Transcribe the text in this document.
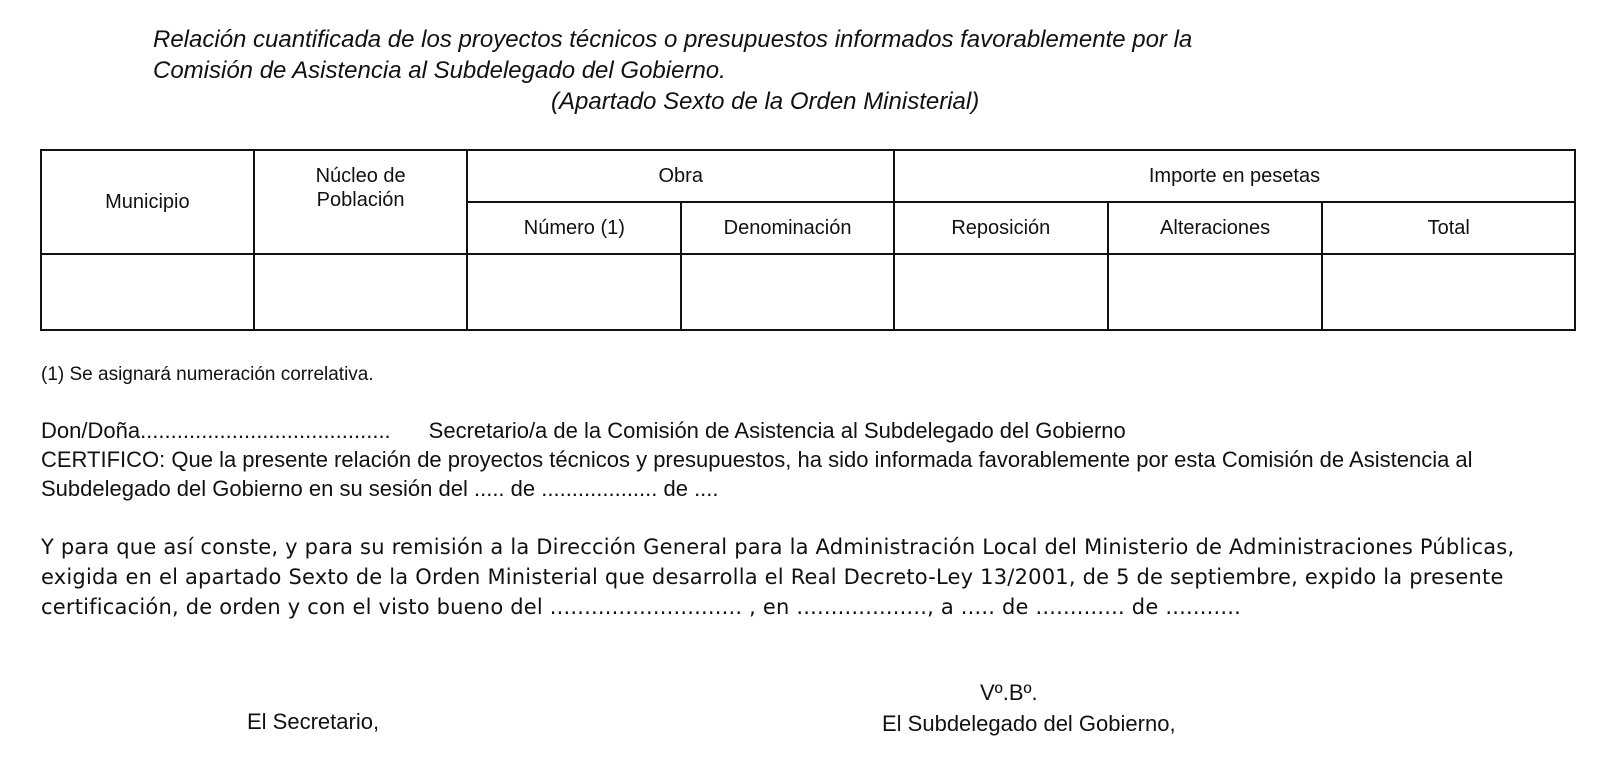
Relación cuantificada de los proyectos técnicos o presupuestos informados favorablemente por la
Comisión de Asistencia al Subdelegado del Gobierno.
(Apartado Sexto de la Orden Ministerial)
Municipio	Núcleo de Población	Obra		Importe en pesetas		
		Número (1)	Denominación	Reposición	Alteraciones	Total

(1) Se asignará numeración correlativa.

Don/Doña......................................... Secretario/a de la Comisión de Asistencia al Subdelegado del Gobierno
CERTIFICO: Que la presente relación de proyectos técnicos y presupuestos, ha sido informada favorablemente por esta Comisión de Asistencia al Subdelegado del Gobierno en su sesión del ..... de ................... de ....

Y para que así conste, y para su remisión a la Dirección General para la Administración Local del Ministerio de Administraciones Públicas, exigida en el apartado Sexto de la Orden Ministerial que desarrolla el Real Decreto-Ley 13/2001, de 5 de septiembre, expido la presente certificación, de orden y con el visto bueno del ............................ , en ..................., a ..... de ............. de ...........

El Secretario,

Vº.Bº.

El Subdelegado del Gobierno,
